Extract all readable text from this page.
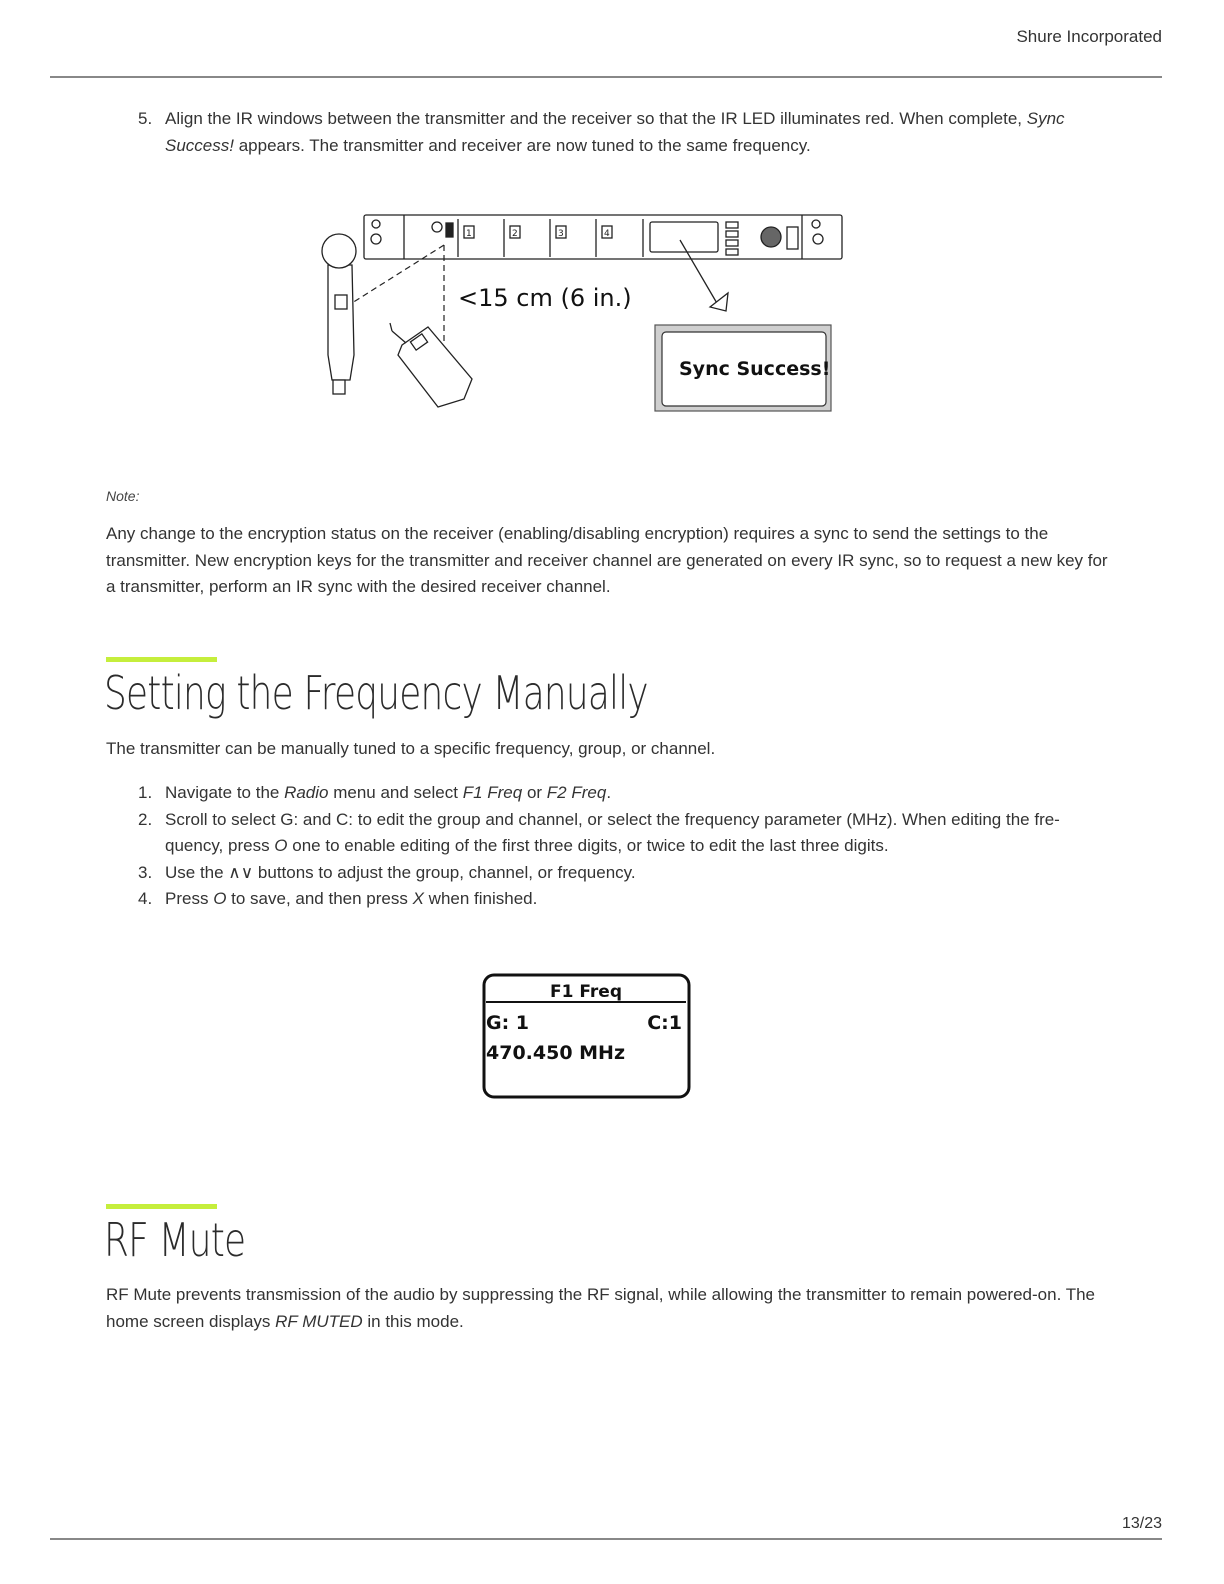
Shure Incorporated
5. Align the IR windows between the transmitter and the receiver so that the IR LED illuminates red. When complete, Sync Success! appears. The transmitter and receiver are now tuned to the same frequency.
1	2	3	4
<15 cm (6 in.)
Sync Success!
Note:
Any change to the encryption status on the receiver (enabling/disabling encryption) requires a sync to send the settings to the transmitter. New encryption keys for the transmitter and receiver channel are generated on every IR sync, so to request a new key for a transmitter, perform an IR sync with the desired receiver channel.
Setting the Frequency Manually
The transmitter can be manually tuned to a specific frequency, group, or channel.
1. Navigate to the Radio menu and select F1 Freq or F2 Freq.
2. Scroll to select G: and C: to edit the group and channel, or select the frequency parameter (MHz). When editing the fre-
quency, press O one to enable editing of the first three digits, or twice to edit the last three digits.
3. Use the ∧∨ buttons to adjust the group, channel, or frequency.
4. Press O to save, and then press X when finished.
F1 Freq
G: 1	C:1
470.450 MHz
RF Mute
RF Mute prevents transmission of the audio by suppressing the RF signal, while allowing the transmitter to remain powered-on. The home screen displays RF MUTED in this mode.
13/23
